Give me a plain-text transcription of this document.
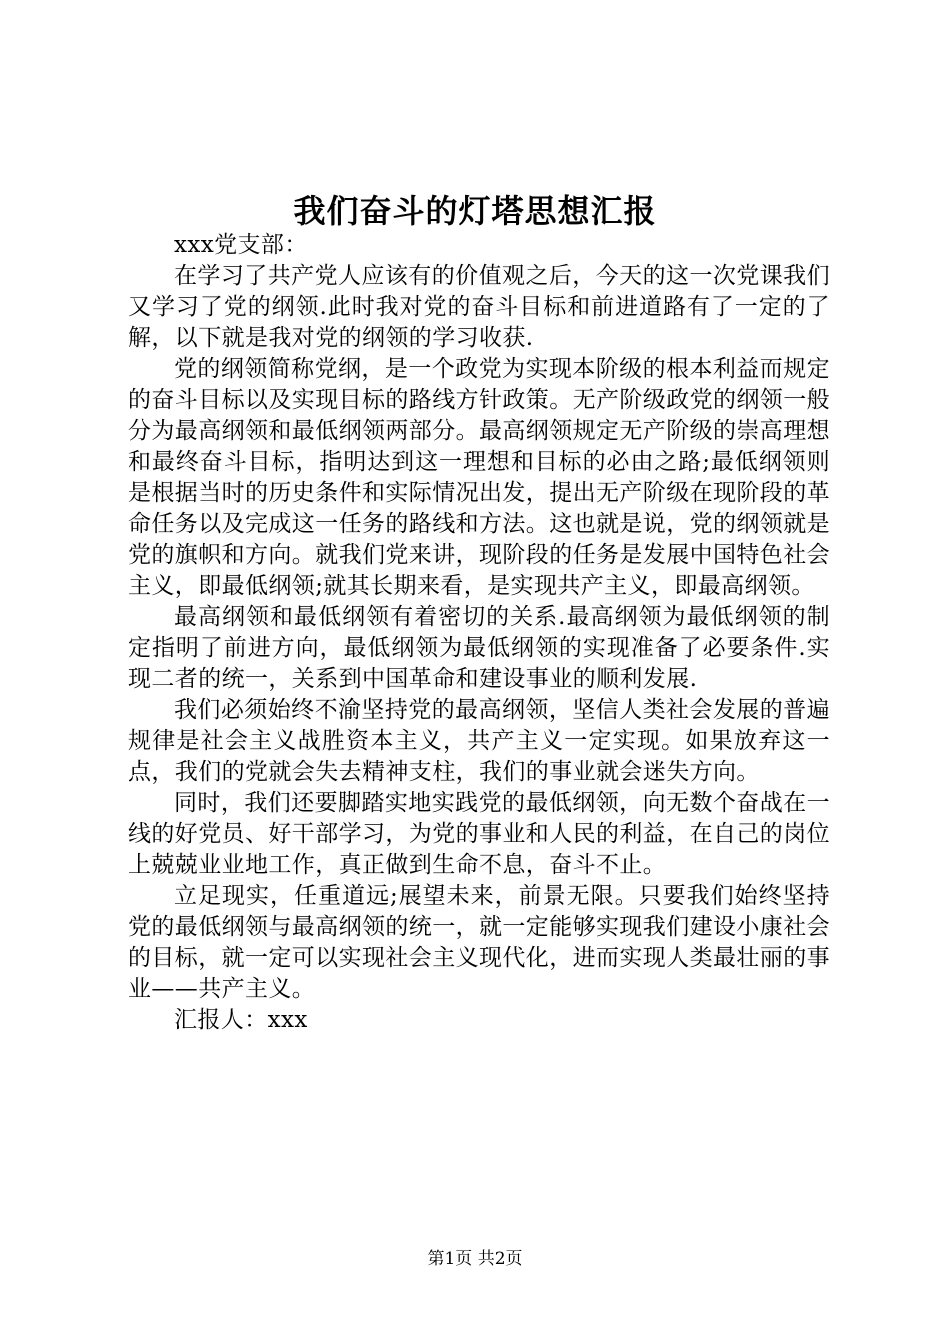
我们奋斗的灯塔思想汇报

xxx党支部：

在学习了共产党人应该有的价值观之后，今天的这一次党课我们又学习了党的纲领.此时我对党的奋斗目标和前进道路有了一定的了解，以下就是我对党的纲领的学习收获.

党的纲领简称党纲，是一个政党为实现本阶级的根本利益而规定的奋斗目标以及实现目标的路线方针政策。无产阶级政党的纲领一般分为最高纲领和最低纲领两部分。最高纲领规定无产阶级的崇高理想和最终奋斗目标，指明达到这一理想和目标的必由之路;最低纲领则是根据当时的历史条件和实际情况出发，提出无产阶级在现阶段的革命任务以及完成这一任务的路线和方法。这也就是说，党的纲领就是党的旗帜和方向。就我们党来讲，现阶段的任务是发展中国特色社会主义，即最低纲领;就其长期来看，是实现共产主义，即最高纲领。

最高纲领和最低纲领有着密切的关系.最高纲领为最低纲领的制定指明了前进方向，最低纲领为最低纲领的实现准备了必要条件.实现二者的统一，关系到中国革命和建设事业的顺利发展.

我们必须始终不渝坚持党的最高纲领，坚信人类社会发展的普遍规律是社会主义战胜资本主义，共产主义一定实现。如果放弃这一点，我们的党就会失去精神支柱，我们的事业就会迷失方向。

同时，我们还要脚踏实地实践党的最低纲领，向无数个奋战在一线的好党员、好干部学习，为党的事业和人民的利益，在自己的岗位上兢兢业业地工作，真正做到生命不息，奋斗不止。

立足现实，任重道远;展望未来，前景无限。只要我们始终坚持党的最低纲领与最高纲领的统一，就一定能够实现我们建设小康社会的目标，就一定可以实现社会主义现代化，进而实现人类最壮丽的事业——共产主义。

汇报人：xxx

第1页 共2页
